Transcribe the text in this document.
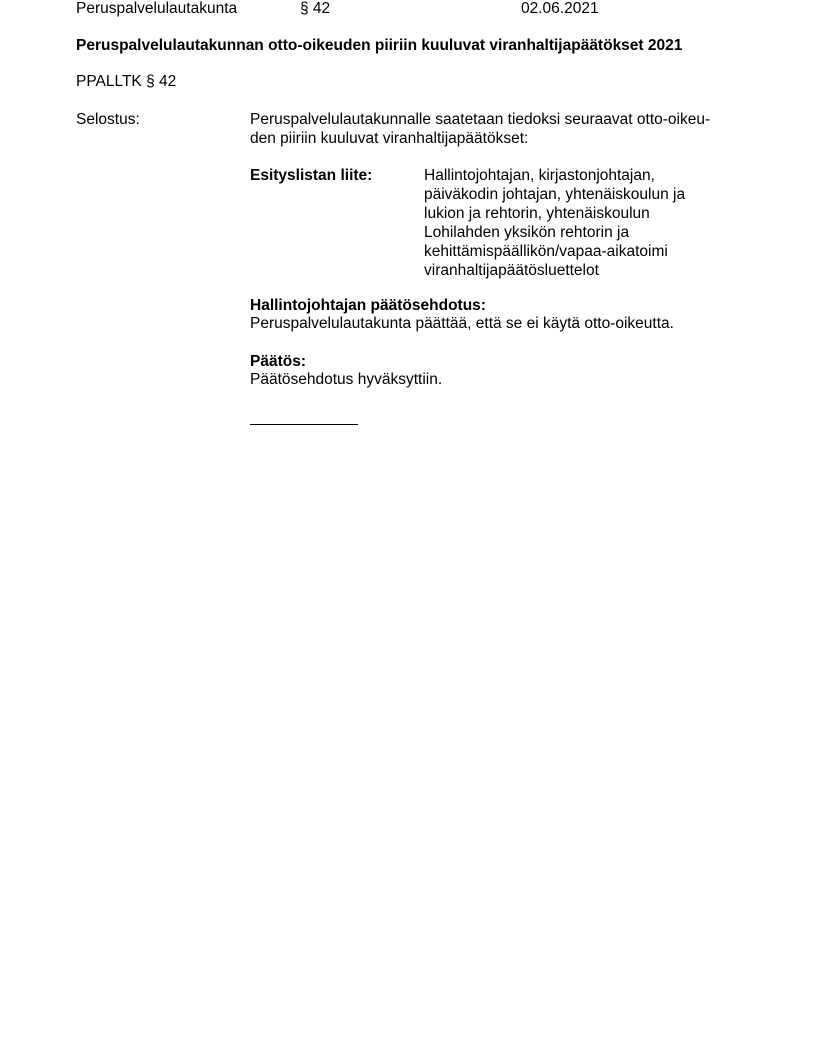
Peruspalvelulautakunta	§ 42	02.06.2021
Peruspalvelulautakunnan otto-oikeuden piiriin kuuluvat viranhaltijapäätökset 2021
PPALLTK § 42
Selostus:	Peruspalvelulautakunnalle saatetaan tiedoksi seuraavat otto-oikeu-
den piiriin kuuluvat viranhaltijapäätökset:
Esityslistan liite:	Hallintojohtajan, kirjastonjohtajan,
päiväkodin johtajan, yhtenäiskoulun ja
lukion ja rehtorin, yhtenäiskoulun
Lohilahden yksikön rehtorin ja
kehittämispäällikön/vapaa-aikatoimi
viranhaltijapäätösluettelot
Hallintojohtajan päätösehdotus:
Peruspalvelulautakunta päättää, että se ei käytä otto-oikeutta.
Päätös:
Päätösehdotus hyväksyttiin.
